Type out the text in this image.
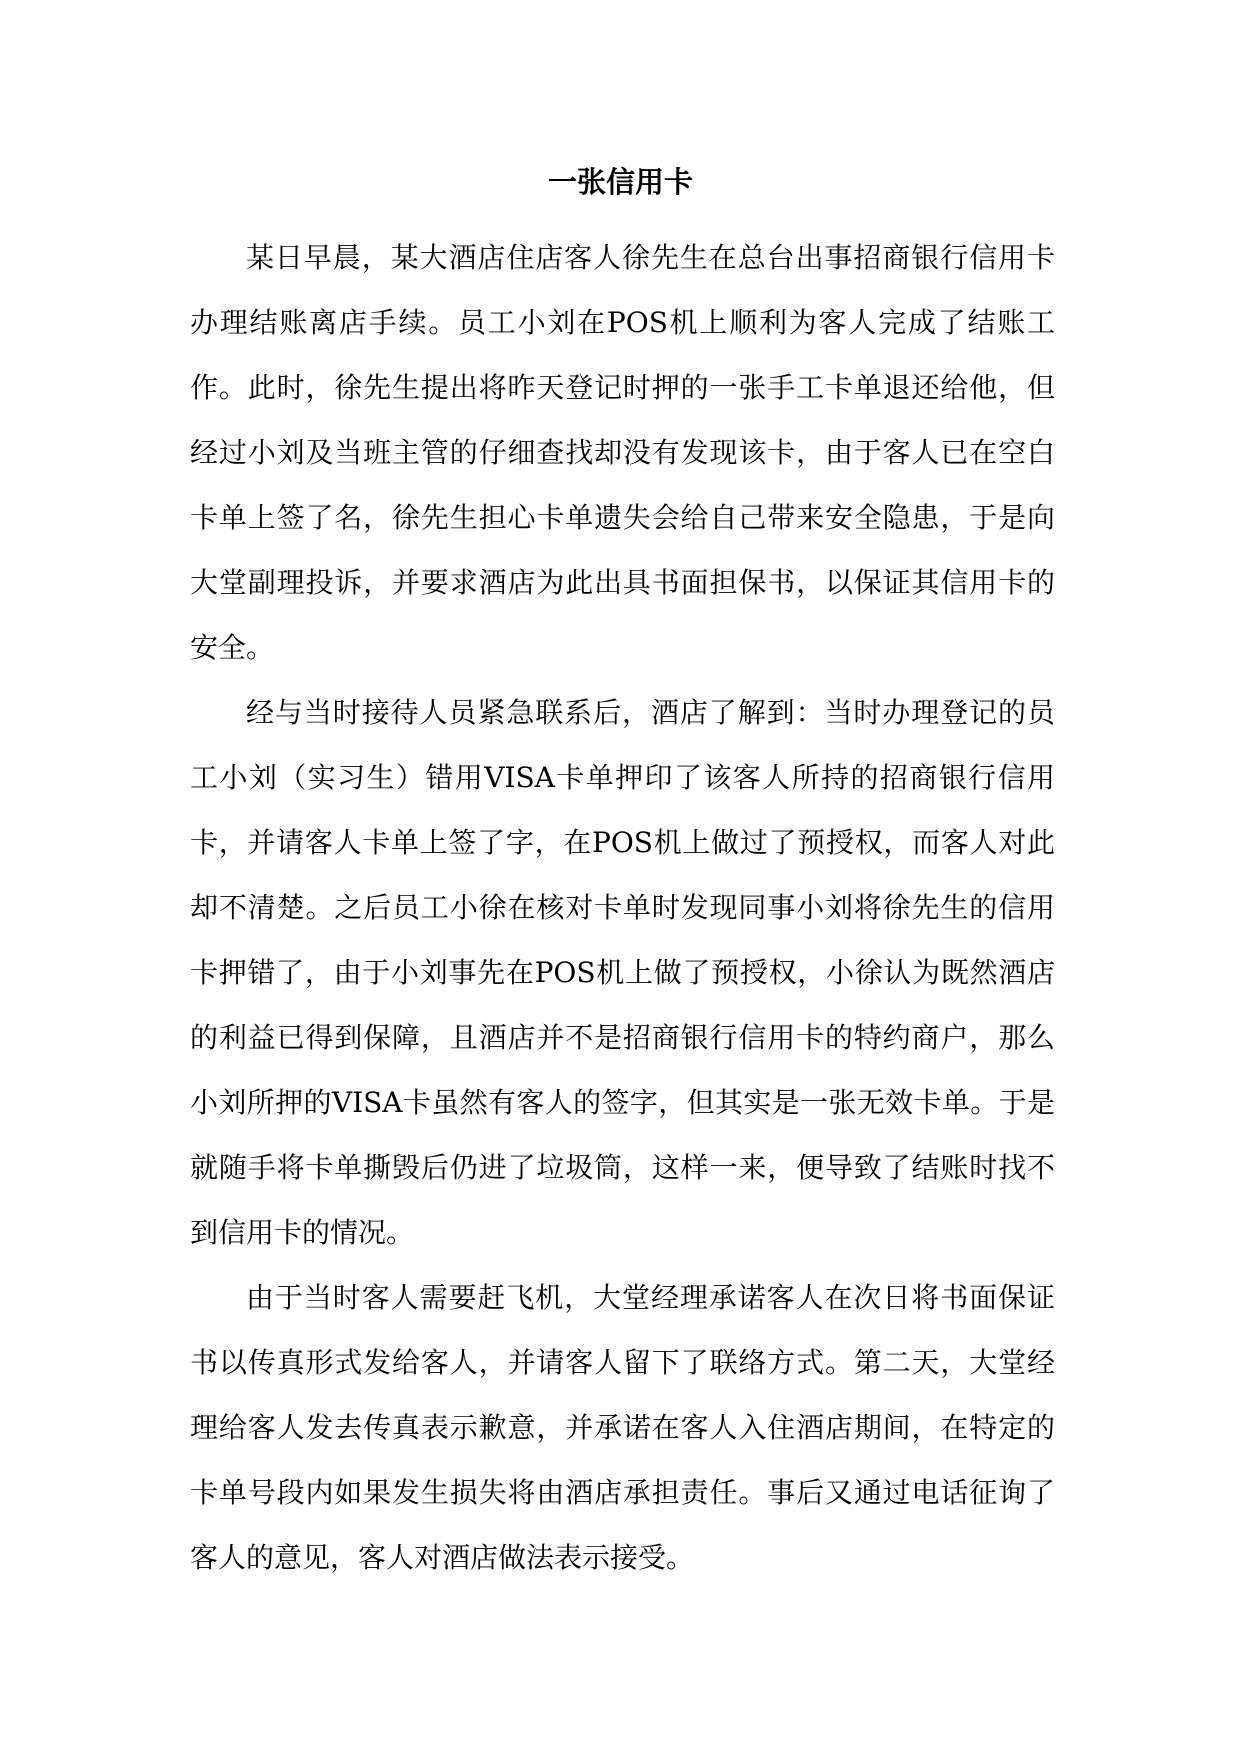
一张信用卡

某日早晨，某大酒店住店客人徐先生在总台出事招商银行信用卡办理结账离店手续。员工小刘在POS机上顺利为客人完成了结账工作。此时，徐先生提出将昨天登记时押的一张手工卡单退还给他，但经过小刘及当班主管的仔细查找却没有发现该卡，由于客人已在空白卡单上签了名，徐先生担心卡单遗失会给自己带来安全隐患，于是向大堂副理投诉，并要求酒店为此出具书面担保书，以保证其信用卡的安全。

经与当时接待人员紧急联系后，酒店了解到：当时办理登记的员工小刘（实习生）错用VISA卡单押印了该客人所持的招商银行信用卡，并请客人卡单上签了字，在POS机上做过了预授权，而客人对此却不清楚。之后员工小徐在核对卡单时发现同事小刘将徐先生的信用卡押错了，由于小刘事先在POS机上做了预授权，小徐认为既然酒店的利益已得到保障，且酒店并不是招商银行信用卡的特约商户，那么小刘所押的VISA卡虽然有客人的签字，但其实是一张无效卡单。于是就随手将卡单撕毁后仍进了垃圾筒，这样一来，便导致了结账时找不到信用卡的情况。

由于当时客人需要赶飞机，大堂经理承诺客人在次日将书面保证书以传真形式发给客人，并请客人留下了联络方式。第二天，大堂经理给客人发去传真表示歉意，并承诺在客人入住酒店期间，在特定的卡单号段内如果发生损失将由酒店承担责任。事后又通过电话征询了客人的意见，客人对酒店做法表示接受。
